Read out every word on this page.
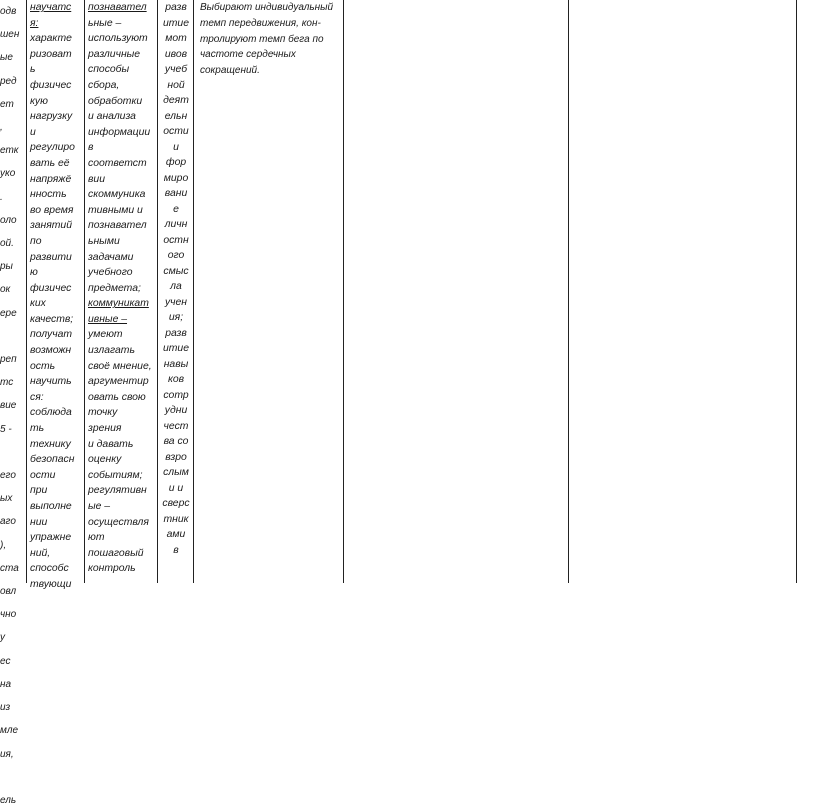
одв
шен
ые
ред
ет
,
етк
уко
.
оло
ой.
ры
ок
ере

реп
тс
вие
5 -

его
ых
аго
),
ста
овл
чно
у
ес
на
из
мле
ия,

ель
научатс
я:
характе
ризоват
ь
физичес
кую
нагрузку
и
регулиро
вать её
напряжё
нность
во время
занятий
по
развити
ю
физичес
ких
качеств;
получат
возможн
ость
научить
ся:
соблюда
ть
технику
безопасн
ости
при
выполне
нии
упражне
ний,
способс
твующи
познавател
ьные –
используют
различные
способы
сбора,
обработки
и анализа
информации
в
соответст
вии
скоммуника
тивными и
познавател
ьными
задачами
учебного
предмета;
коммуникат
ивные –
умеют
излагать
своё мнение,
аргументир
овать свою
точку
зрения
и давать
оценку
событиям;
регулятивн
ые –
осуществля
ют
пошаговый
контроль
разв
итие
мот
ивов
учеб
ной
деят
ельн
ости
и
фор
миро
вани
е
личн
остн
ого
смыс
ла
учен
ия;
разв
итие
навы
ков
сотр
удни
чест
ва со
взро
слым
и и
сверс
тник
ами
в
Выбирают индивидуальный
темп передвижения, кон-
тролируют темп бега по
частоте сердечных
сокращений.
